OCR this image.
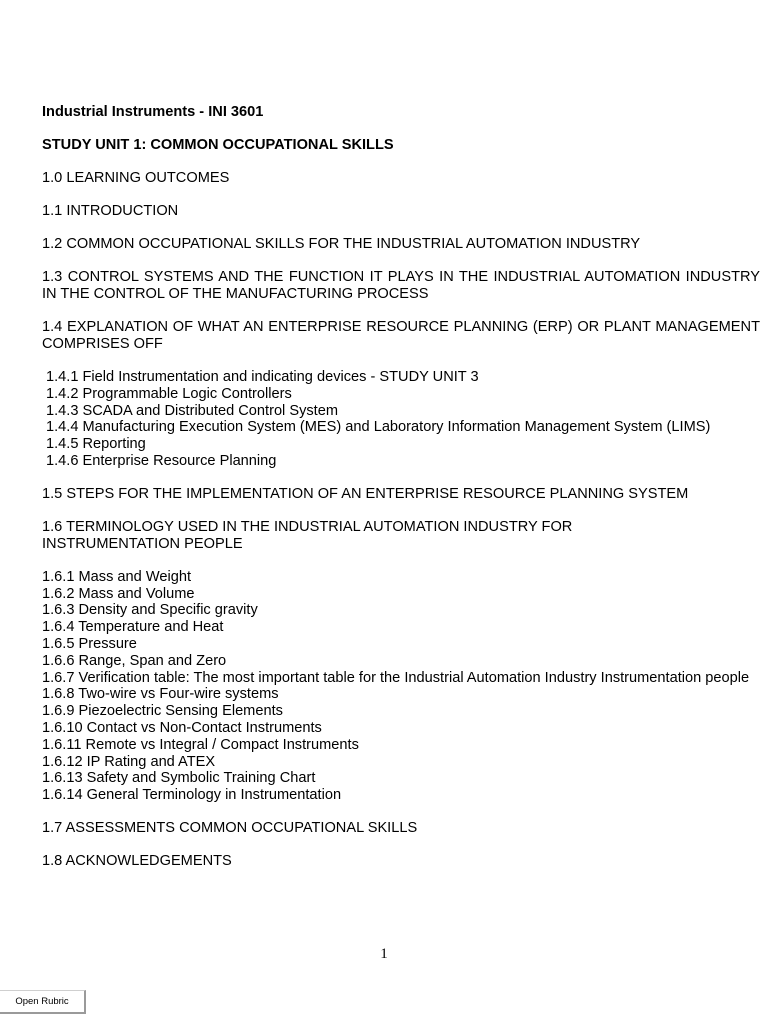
Industrial Instruments - INI 3601
STUDY UNIT 1: COMMON OCCUPATIONAL SKILLS
1.0 LEARNING OUTCOMES
1.1 INTRODUCTION
1.2 COMMON OCCUPATIONAL SKILLS FOR THE INDUSTRIAL AUTOMATION INDUSTRY
1.3 CONTROL SYSTEMS AND THE FUNCTION IT PLAYS IN THE INDUSTRIAL AUTOMATION INDUSTRY IN THE CONTROL OF THE MANUFACTURING PROCESS
1.4 EXPLANATION OF WHAT AN ENTERPRISE RESOURCE PLANNING (ERP) OR PLANT MANAGEMENT COMPRISES OFF
1.4.1 Field Instrumentation and indicating devices - STUDY UNIT 3
1.4.2 Programmable Logic Controllers
1.4.3 SCADA and Distributed Control System
1.4.4 Manufacturing Execution System (MES) and Laboratory Information Management System (LIMS)
1.4.5 Reporting
1.4.6 Enterprise Resource Planning
1.5 STEPS FOR THE IMPLEMENTATION OF AN ENTERPRISE RESOURCE PLANNING SYSTEM
1.6 TERMINOLOGY USED IN THE INDUSTRIAL AUTOMATION INDUSTRY FOR
INSTRUMENTATION PEOPLE
1.6.1 Mass and Weight
1.6.2 Mass and Volume
1.6.3 Density and Specific gravity
1.6.4 Temperature and Heat
1.6.5 Pressure
1.6.6 Range, Span and Zero
1.6.7 Verification table: The most important table for the Industrial Automation Industry Instrumentation people
1.6.8 Two-wire vs Four-wire systems
1.6.9 Piezoelectric Sensing Elements
1.6.10 Contact vs Non-Contact Instruments
1.6.11 Remote vs Integral / Compact Instruments
1.6.12 IP Rating and ATEX
1.6.13 Safety and Symbolic Training Chart
1.6.14 General Terminology in Instrumentation
1.7 ASSESSMENTS COMMON OCCUPATIONAL SKILLS
1.8 ACKNOWLEDGEMENTS
1
Open Rubric
